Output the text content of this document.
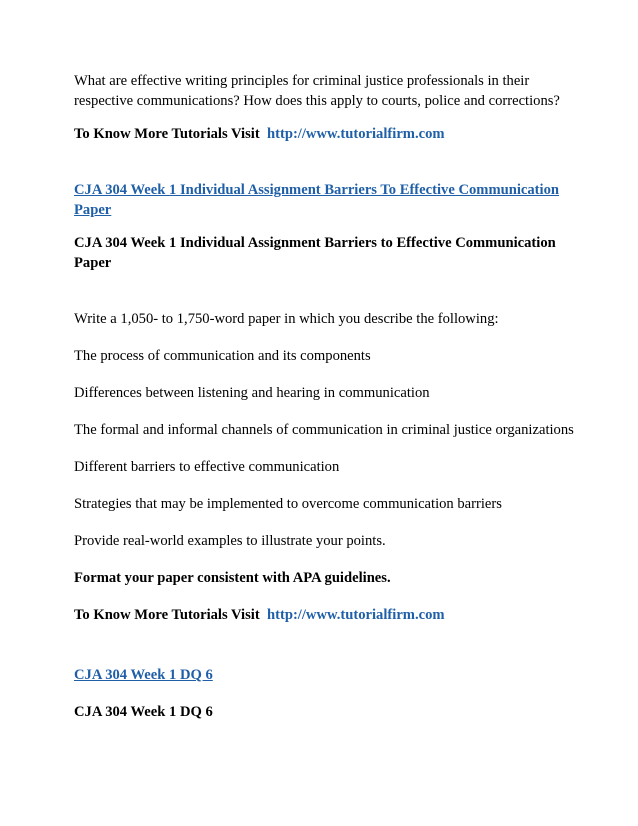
What are effective writing principles for criminal justice professionals in their respective communications? How does this apply to courts, police and corrections?

To Know More Tutorials Visit http://www.tutorialfirm.com

CJA 304 Week 1 Individual Assignment Barriers To Effective Communication Paper

CJA 304 Week 1 Individual Assignment Barriers to Effective Communication Paper

Write a 1,050- to 1,750-word paper in which you describe the following:

The process of communication and its components

Differences between listening and hearing in communication

The formal and informal channels of communication in criminal justice organizations

Different barriers to effective communication

Strategies that may be implemented to overcome communication barriers

Provide real-world examples to illustrate your points.

Format your paper consistent with APA guidelines.

To Know More Tutorials Visit http://www.tutorialfirm.com

CJA 304 Week 1 DQ 6

CJA 304 Week 1 DQ 6
